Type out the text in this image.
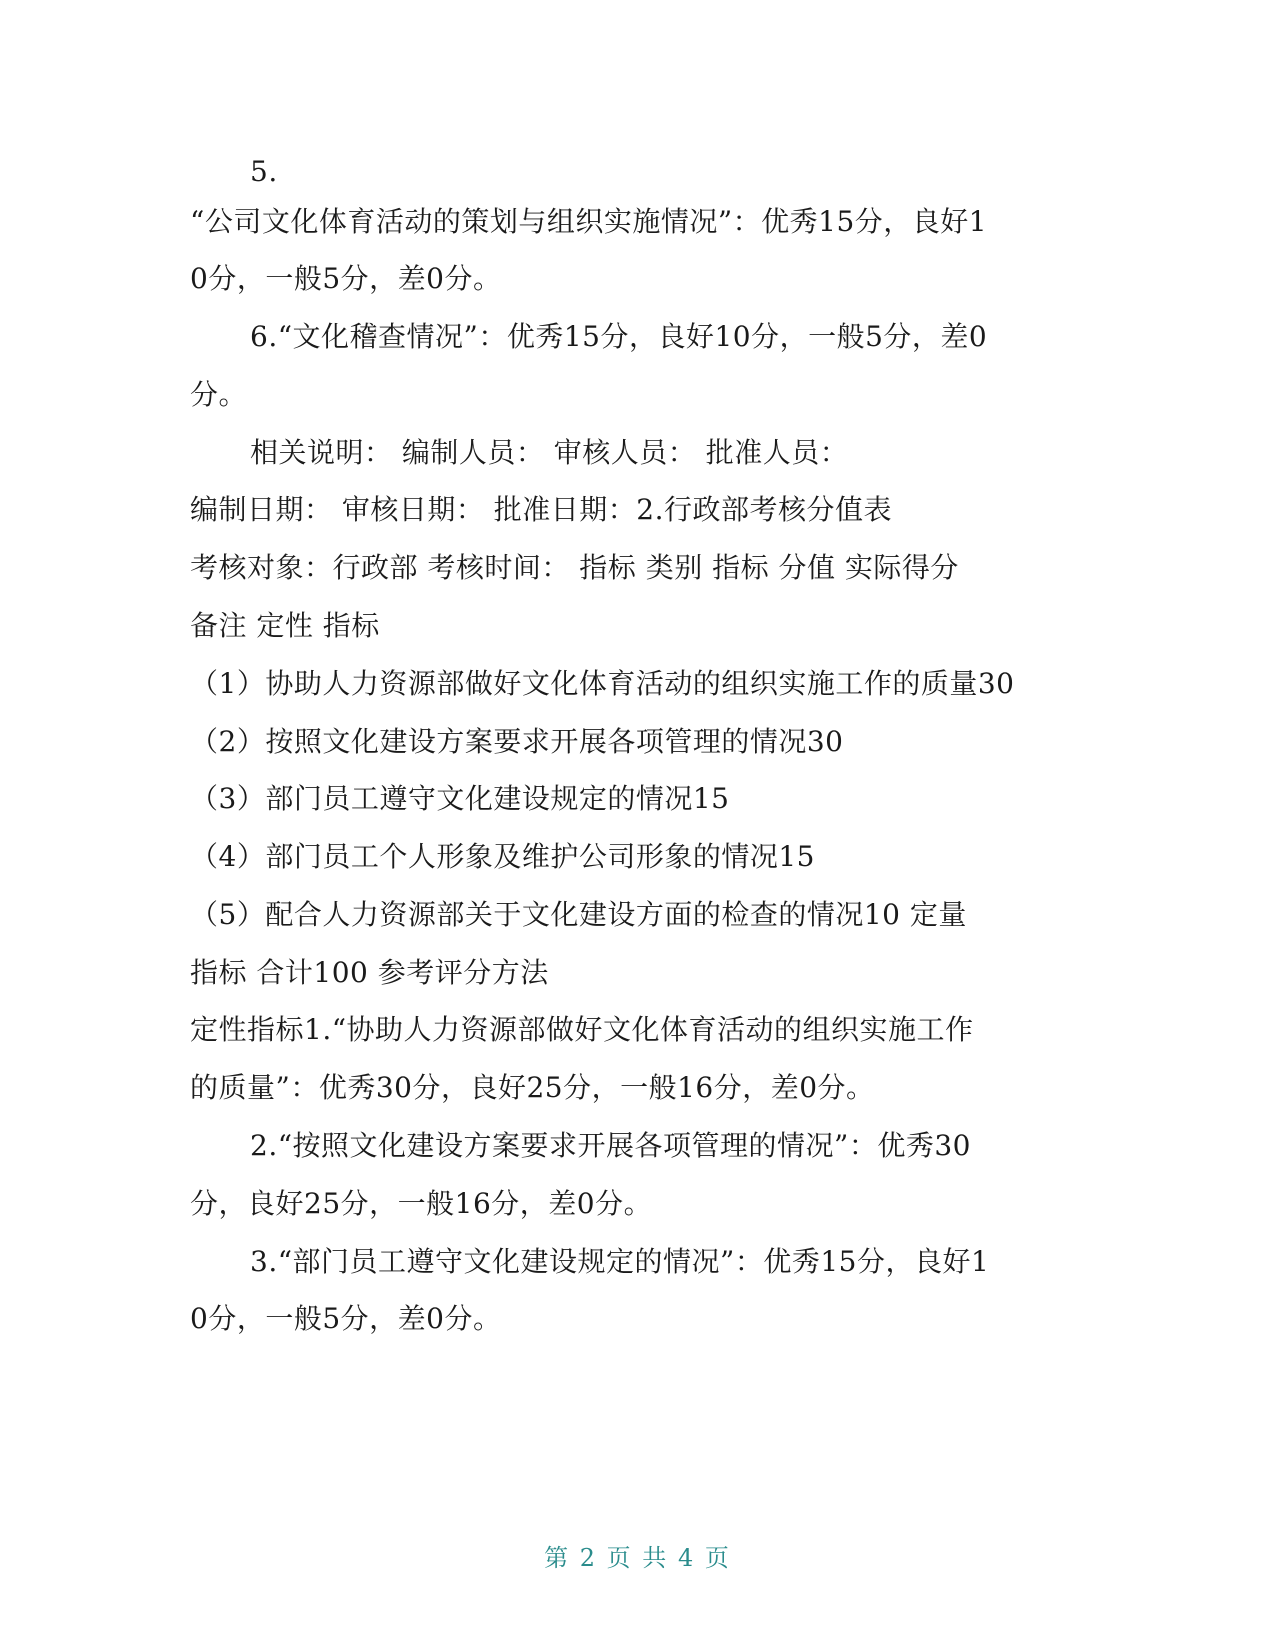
5.
“公司文化体育活动的策划与组织实施情况”：优秀15分，良好1
0分，一般5分，差0分。
6.“文化稽查情况”：优秀15分，良好10分，一般5分，差0
分。
相关说明： 编制人员： 审核人员： 批准人员：
编制日期： 审核日期： 批准日期：2.行政部考核分值表
考核对象：行政部 考核时间： 指标 类别 指标 分值 实际得分
备注 定性 指标
（1）协助人力资源部做好文化体育活动的组织实施工作的质量30
（2）按照文化建设方案要求开展各项管理的情况30
（3）部门员工遵守文化建设规定的情况15
（4）部门员工个人形象及维护公司形象的情况15
（5）配合人力资源部关于文化建设方面的检查的情况10 定量
指标 合计100 参考评分方法
定性指标1.“协助人力资源部做好文化体育活动的组织实施工作
的质量”：优秀30分，良好25分，一般16分，差0分。
2.“按照文化建设方案要求开展各项管理的情况”：优秀30
分，良好25分，一般16分，差0分。
3.“部门员工遵守文化建设规定的情况”：优秀15分，良好1
0分，一般5分，差0分。
第 2 页 共 4 页
